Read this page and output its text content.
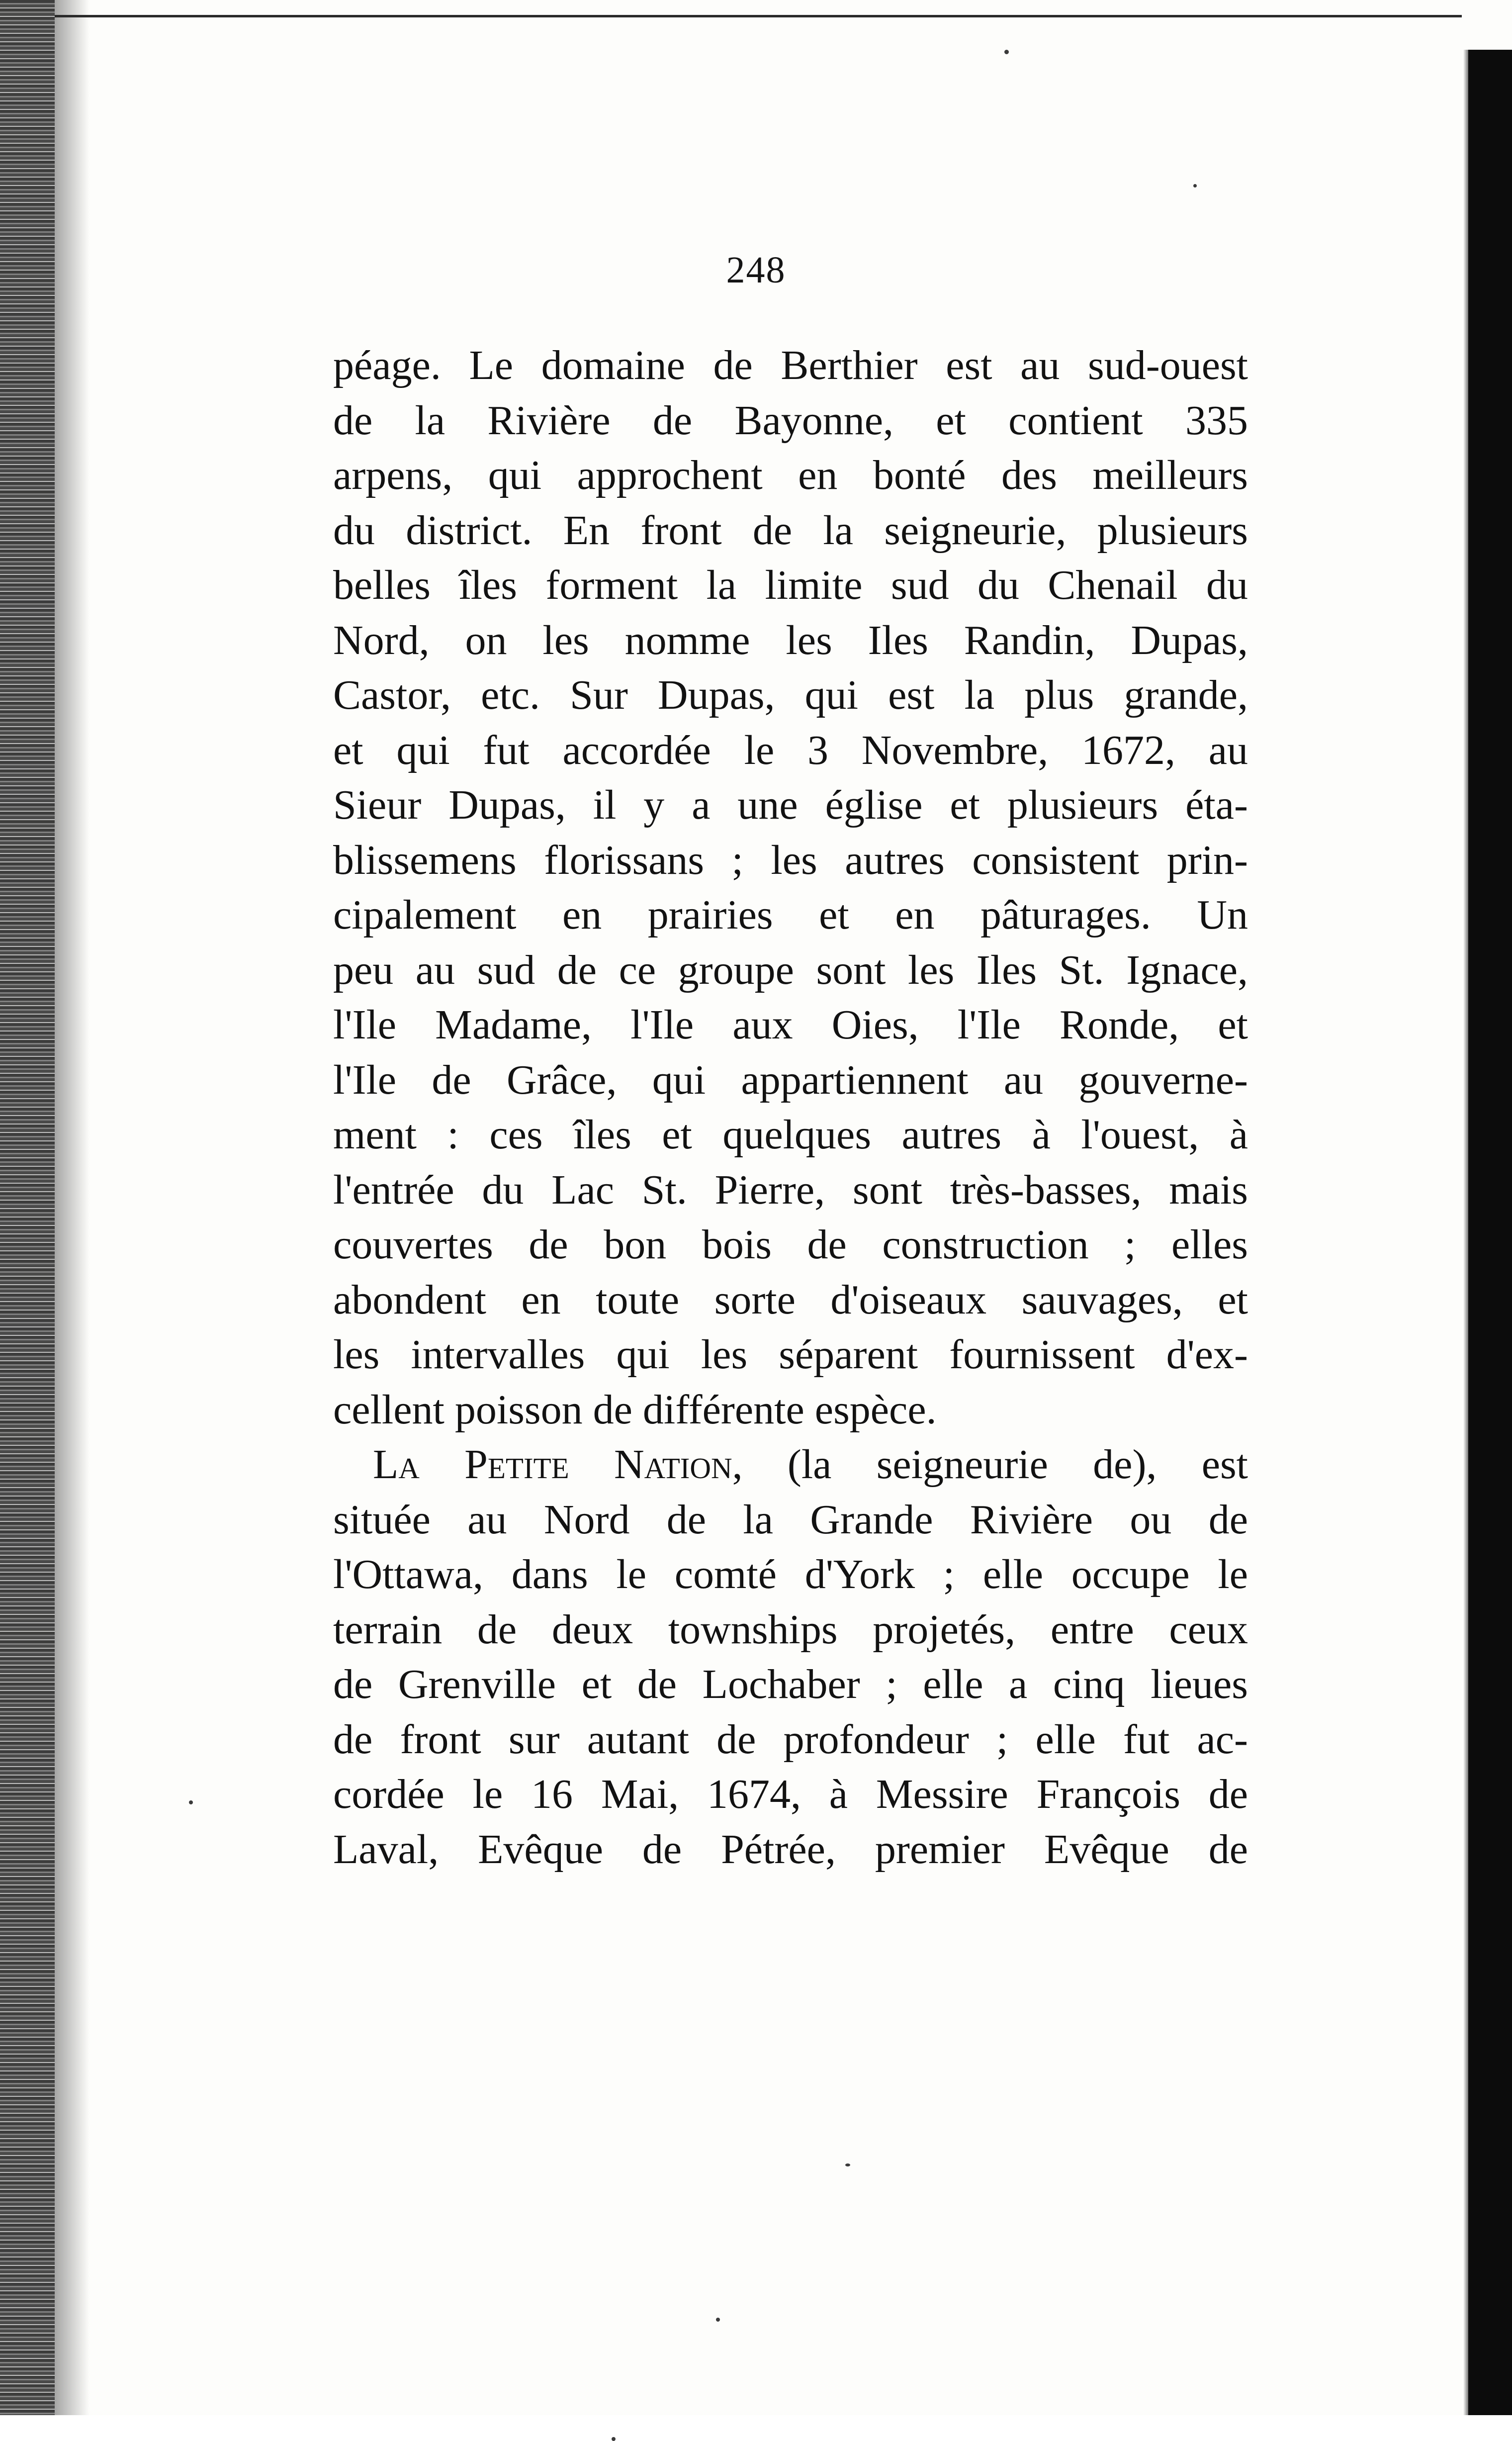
248
péage. Le domaine de Berthier est au sud-ouest
de la Rivière de Bayonne, et contient 335
arpens, qui approchent en bonté des meilleurs
du district. En front de la seigneurie, plusieurs
belles îles forment la limite sud du Chenail du
Nord, on les nomme les Iles Randin, Dupas,
Castor, etc. Sur Dupas, qui est la plus grande,
et qui fut accordée le 3 Novembre, 1672, au
Sieur Dupas, il y a une église et plusieurs éta-
blissemens florissans ; les autres consistent prin-
cipalement en prairies et en pâturages. Un
peu au sud de ce groupe sont les Iles St. Ignace,
l'Ile Madame, l'Ile aux Oies, l'Ile Ronde, et
l'Ile de Grâce, qui appartiennent au gouverne-
ment : ces îles et quelques autres à l'ouest, à
l'entrée du Lac St. Pierre, sont très-basses, mais
couvertes de bon bois de construction ; elles
abondent en toute sorte d'oiseaux sauvages, et
les intervalles qui les séparent fournissent d'ex-
cellent poisson de différente espèce.
La Petite Nation, (la seigneurie de), est
située au Nord de la Grande Rivière ou de
l'Ottawa, dans le comté d'York ; elle occupe le
terrain de deux townships projetés, entre ceux
de Grenville et de Lochaber ; elle a cinq lieues
de front sur autant de profondeur ; elle fut ac-
cordée le 16 Mai, 1674, à Messire François de
Laval, Evêque de Pétrée, premier Evêque de
